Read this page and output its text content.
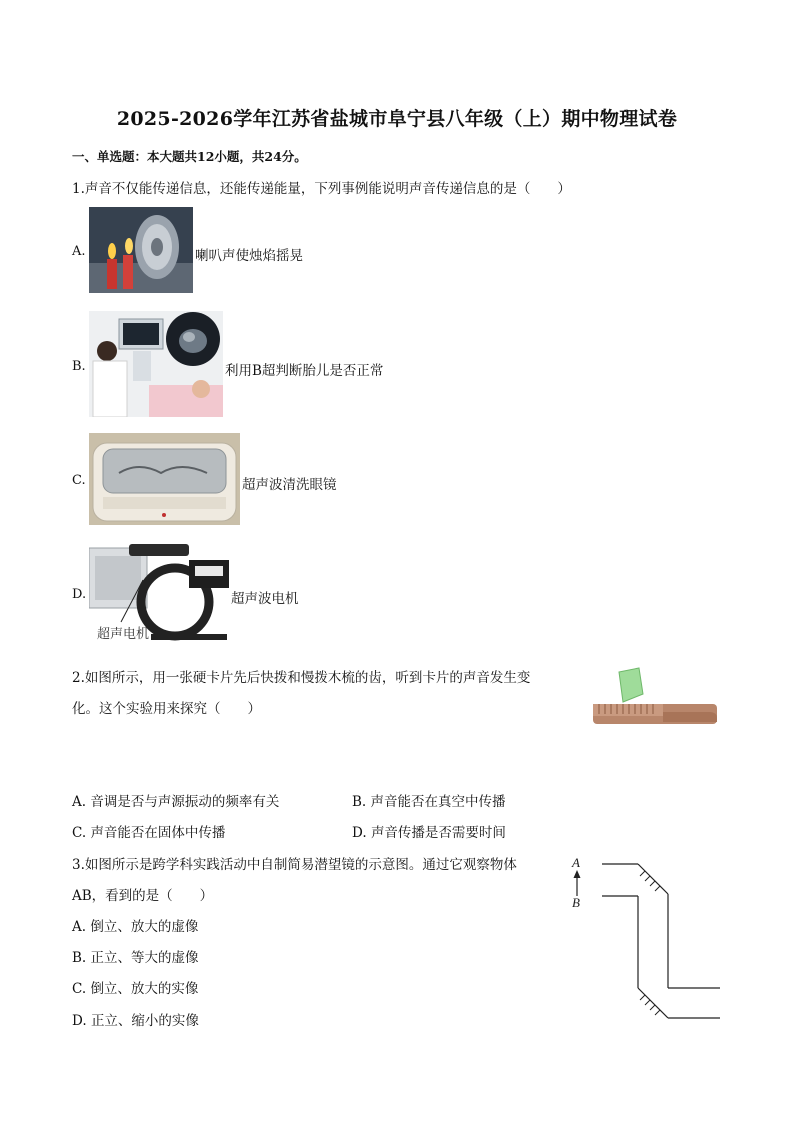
2025-2026学年江苏省盐城市阜宁县八年级（上）期中物理试卷
一、单选题：本大题共12小题，共24分。
1.声音不仅能传递信息，还能传递能量，下列事例能说明声音传递信息的是（　　）
A.	喇叭声使烛焰摇晃
B.	利用B超判断胎儿是否正常
C.	超声波清洗眼镜
D.
超声电机
超声波电机
2.如图所示，用一张硬卡片先后快拨和慢拨木梳的齿，听到卡片的声音发生变
化。这个实验用来探究（　　）
A. 音调是否与声源振动的频率有关	B. 声音能否在真空中传播
C. 声音能否在固体中传播	D. 声音传播是否需要时间
3.如图所示是跨学科实践活动中自制简易潜望镜的示意图。通过它观察物体
AB，看到的是（　　）
A. 倒立、放大的虚像
B. 正立、等大的虚像
C. 倒立、放大的实像
D. 正立、缩小的实像
A
B
